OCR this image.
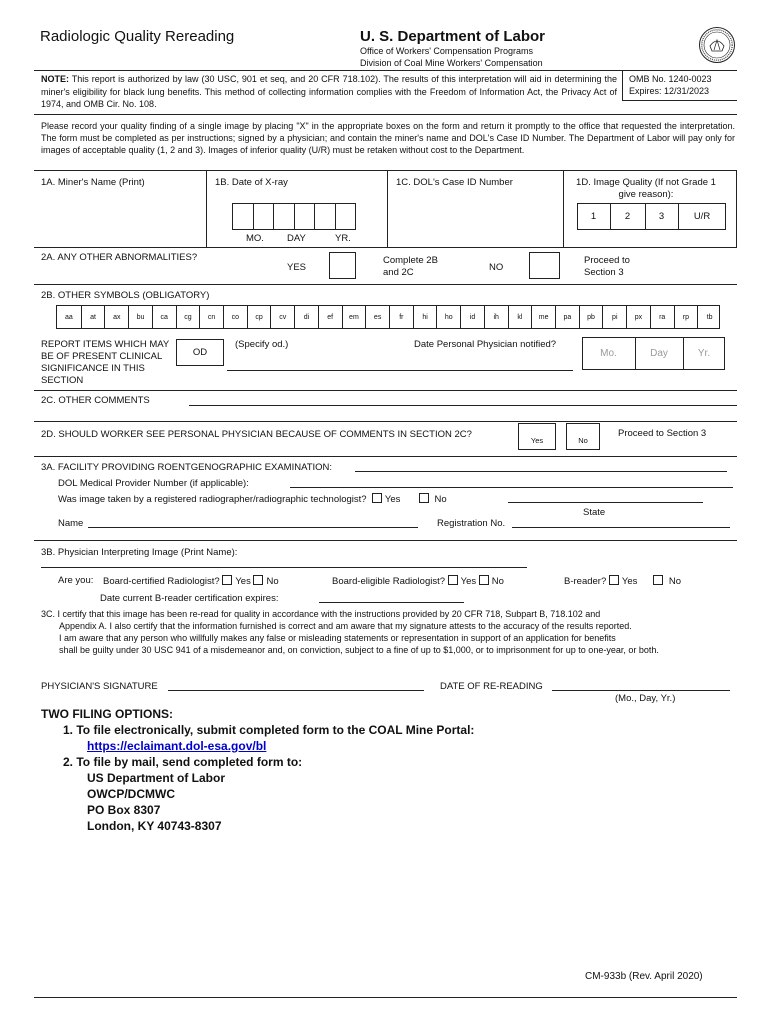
Radiologic Quality Rereading	U. S. Department of Labor
Office of Workers' Compensation Programs
Division of Coal Mine Workers' Compensation
NOTE: This report is authorized by law (30 USC, 901 et seq, and 20 CFR 718.102). The results of this interpretation will aid in determining the miner's eligibility for black lung benefits. This method of collecting information complies with the Freedom of Information Act, the Privacy Act of 1974, and OMB Cir. No. 108.
OMB No. 1240-0023
Expires: 12/31/2023
Please record your quality finding of a single image by placing "X" in the appropriate boxes on the form and return it promptly to the office that requested the interpretation. The form must be completed as per instructions; signed by a physician; and contain the miner's name and DOL's Case ID Number. The Department of Labor will pay only for images of acceptable quality (1, 2 and 3). Images of inferior quality (U/R) must be retaken without cost to the Department.
1A. Miner's Name (Print)	1B. Date of X-ray
MO. DAY	YR.
1C. DOL's Case ID Number	1D. Image Quality (If not Grade 1 give reason):
1	2	3	U/R
2A. ANY OTHER ABNORMALITIES?
YES
Complete 2B and 2C	NO
Proceed to Section 3
2B. OTHER SYMBOLS (OBLIGATORY)
aa	at	ax	bu	ca	cg	cn	co	cp	cv	di	ef	em	es	fr	hi	ho	id	ih	kl	me	pa	pb	pi	px	ra	rp	tb
REPORT ITEMS WHICH MAY BE OF PRESENT CLINICAL SIGNIFICANCE IN THIS SECTION
OD
(Specify od.)	Date Personal Physician notified?
Mo.	Day	Yr.
2C. OTHER COMMENTS
2D. SHOULD WORKER SEE PERSONAL PHYSICIAN BECAUSE OF COMMENTS IN SECTION 2C?
Yes	No
Proceed to Section 3
3A. FACILITY PROVIDING ROENTGENOGRAPHIC EXAMINATION:
DOL Medical Provider Number (if applicable):
Was image taken by a registered radiographer/radiographic technologist? Yes	No
State
Name	Registration No.
3B. Physician Interpreting Image (Print Name):
Are you: Board-certified Radiologist? Yes No	Board-eligible Radiologist? Yes No	B-reader? Yes	No
Date current B-reader certification expires:
3C. I certify that this image has been re-read for quality in accordance with the instructions provided by 20 CFR 718, Subpart B, 718.102 and
Appendix A. I also certify that the information furnished is correct and am aware that my signature attests to the accuracy of the results reported.
I am aware that any person who willfully makes any false or misleading statements or representation in support of an application for benefits
shall be guilty under 30 USC 941 of a misdemeanor and, on conviction, subject to a fine of up to $1,000, or to imprisonment for up to one-year, or both.
PHYSICIAN'S SIGNATURE	DATE OF RE-READING
(Mo., Day, Yr.)
TWO FILING OPTIONS:
1. To file electronically, submit completed form to the COAL Mine Portal:
https://eclaimant.dol-esa.gov/bl
2. To file by mail, send completed form to:
US Department of Labor
OWCP/DCMWC
PO Box 8307
London, KY 40743-8307
CM-933b (Rev. April 2020)
